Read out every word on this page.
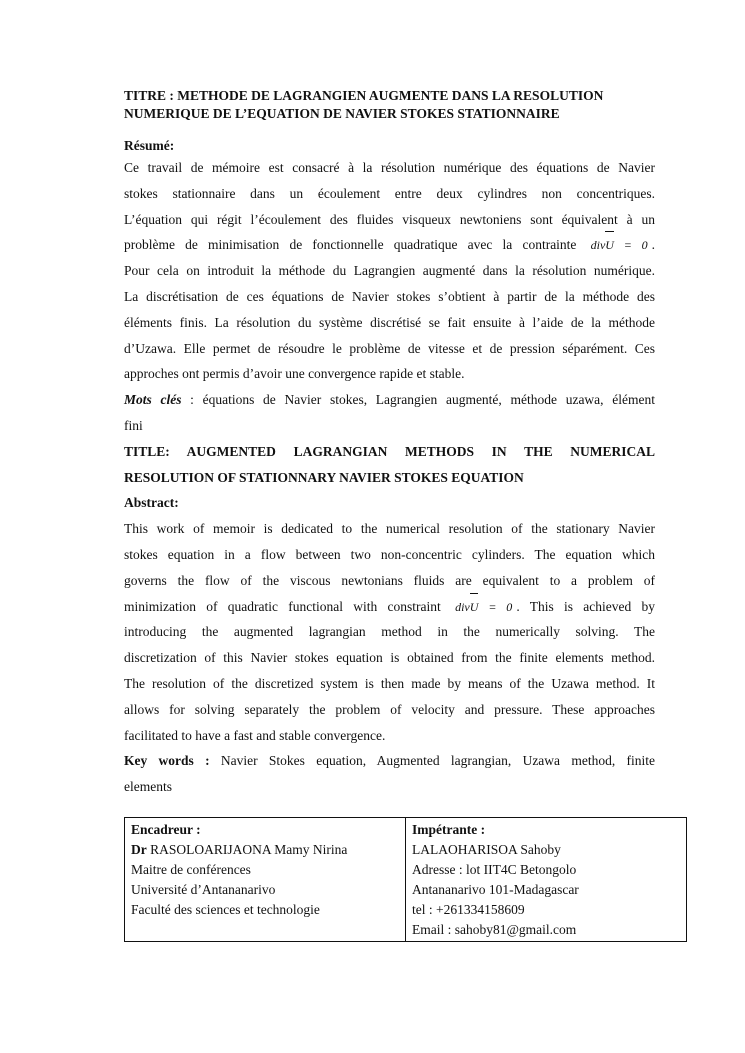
TITRE : METHODE DE LAGRANGIEN AUGMENTE DANS LA RESOLUTION
NUMERIQUE DE L’EQUATION DE NAVIER STOKES STATIONNAIRE

Résumé:

Ce travail de mémoire est consacré à la résolution numérique des équations de Navier
stokes stationnaire dans un écoulement entre deux cylindres non concentriques.
L’équation qui régit l’écoulement des fluides visqueux newtoniens sont équivalent à un
problème de minimisation de fonctionnelle quadratique avec la contrainte divU = 0 .
Pour cela on introduit la méthode du Lagrangien augmenté dans la résolution numérique.
La discrétisation de ces équations de Navier stokes s’obtient à partir de la méthode des
éléments finis. La résolution du système discrétisé se fait ensuite à l’aide de la méthode
d’Uzawa. Elle permet de résoudre le problème de vitesse et de pression séparément. Ces
approches ont permis d’avoir une convergence rapide et stable.
Mots clés : équations de Navier stokes, Lagrangien augmenté, méthode uzawa, élément
fini
TITLE: AUGMENTED LAGRANGIAN METHODS IN THE NUMERICAL
RESOLUTION OF STATIONNARY NAVIER STOKES EQUATION

Abstract:

This work of memoir is dedicated to the numerical resolution of the stationary Navier
stokes equation in a flow between two non-concentric cylinders. The equation which
governs the flow of the viscous newtonians fluids are equivalent to a problem of
minimization of quadratic functional with constraint divU = 0 . This is achieved by
introducing the augmented lagrangian method in the numerically solving. The
discretization of this Navier stokes equation is obtained from the finite elements method.
The resolution of the discretized system is then made by means of the Uzawa method. It
allows for solving separately the problem of velocity and pressure. These approaches
facilitated to have a fast and stable convergence.
Key words : Navier Stokes equation, Augmented lagrangian, Uzawa method, finite
elements
Encadreur :
Dr RASOLOARIJAONA Mamy Nirina
Maitre de conférences
Université d’Antananarivo
Faculté des sciences et technologie

Impétrante :
LALAOHARISOA Sahoby
Adresse : lot IIT4C Betongolo
Antananarivo 101-Madagascar
tel : +261334158609
Email : sahoby81@gmail.com
